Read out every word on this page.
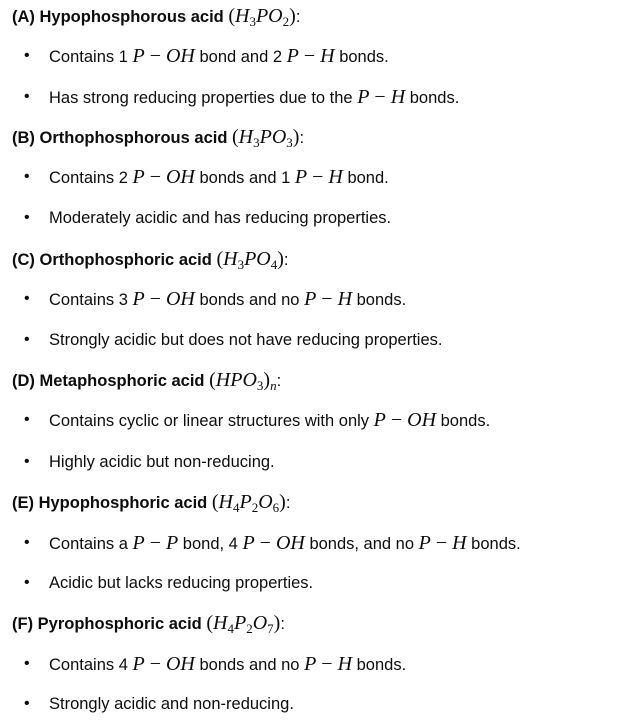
(A) Hypophosphorous acid $(H_3PO_2)$:
• Contains 1 P − OH bond and 2 P − H bonds.
• Has strong reducing properties due to the P − H bonds.
(B) Orthophosphorous acid $(H_3PO_3)$:
• Contains 2 P − OH bonds and 1 P − H bond.
• Moderately acidic and has reducing properties.
(C) Orthophosphoric acid $(H_3PO_4)$:
• Contains 3 P − OH bonds and no P − H bonds.
• Strongly acidic but does not have reducing properties.
(D) Metaphosphoric acid $(HPO_3)_n$:
• Contains cyclic or linear structures with only P − OH bonds.
• Highly acidic but non-reducing.
(E) Hypophosphoric acid $(H_4P_2O_6)$:
• Contains a P − P bond, 4 P − OH bonds, and no P − H bonds.
• Acidic but lacks reducing properties.
(F) Pyrophosphoric acid $(H_4P_2O_7)$:
• Contains 4 P − OH bonds and no P − H bonds.
• Strongly acidic and non-reducing.
